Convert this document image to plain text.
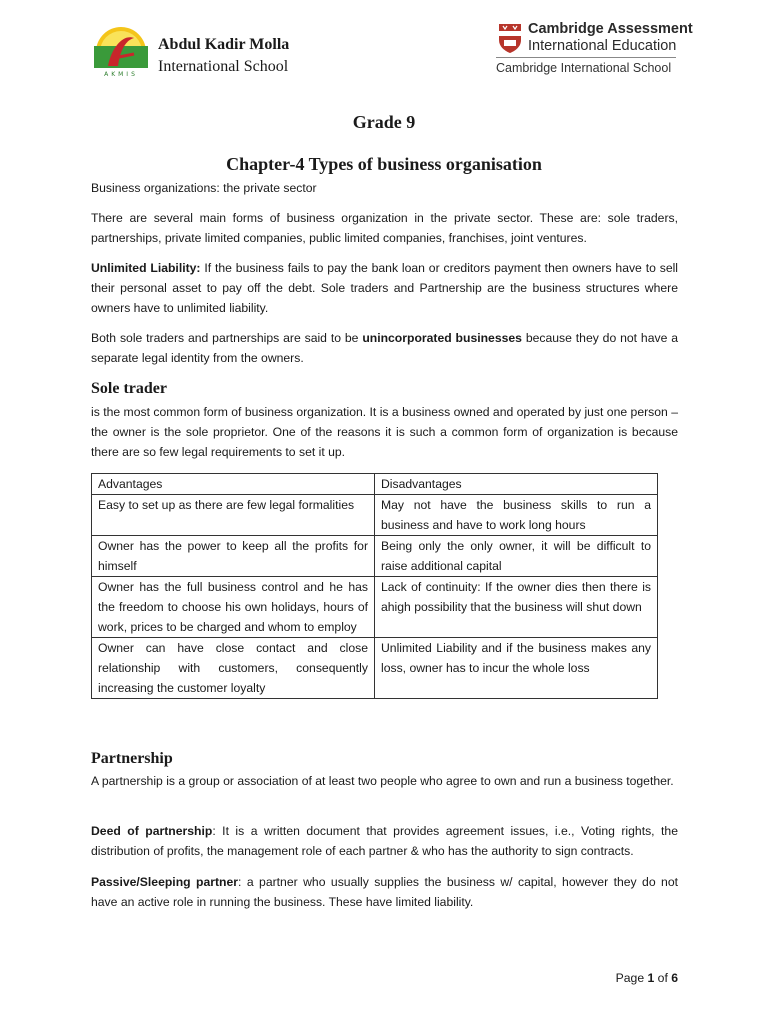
AKMIS
Abdul Kadir Molla
International School
Cambridge Assessment
International Education
Cambridge International School
Grade 9
Chapter-4 Types of business organisation
Business organizations: the private sector
There are several main forms of business organization in the private sector. These are: sole traders, partnerships, private limited companies, public limited companies, franchises, joint ventures.
Unlimited Liability: If the business fails to pay the bank loan or creditors payment then owners have to sell their personal asset to pay off the debt. Sole traders and Partnership are the business structures where owners have to unlimited liability.
Both sole traders and partnerships are said to be unincorporated businesses because they do not have a separate legal identity from the owners.
Sole trader
is the most common form of business organization. It is a business owned and operated by just one person – the owner is the sole proprietor. One of the reasons it is such a common form of organization is because there are so few legal requirements to set it up.
Advantages	Disadvantages
Easy to set up as there are few legal formalities	May not have the business skills to run a business and have to work long hours
Owner has the power to keep all the profits for himself	Being only the only owner, it will be difficult to raise additional capital
Owner has the full business control and he has the freedom to choose his own holidays, hours of work, prices to be charged and whom to employ	Lack of continuity: If the owner dies then there is ahigh possibility that the business will shut down
Owner can have close contact and close relationship with customers, consequently increasing the customer loyalty	Unlimited Liability and if the business makes any loss, owner has to incur the whole loss
Partnership
A partnership is a group or association of at least two people who agree to own and run a business together.
Deed of partnership: It is a written document that provides agreement issues, i.e., Voting rights, the distribution of profits, the management role of each partner & who has the authority to sign contracts.
Passive/Sleeping partner: a partner who usually supplies the business w/ capital, however they do not have an active role in running the business. These have limited liability.
Page 1 of 6
